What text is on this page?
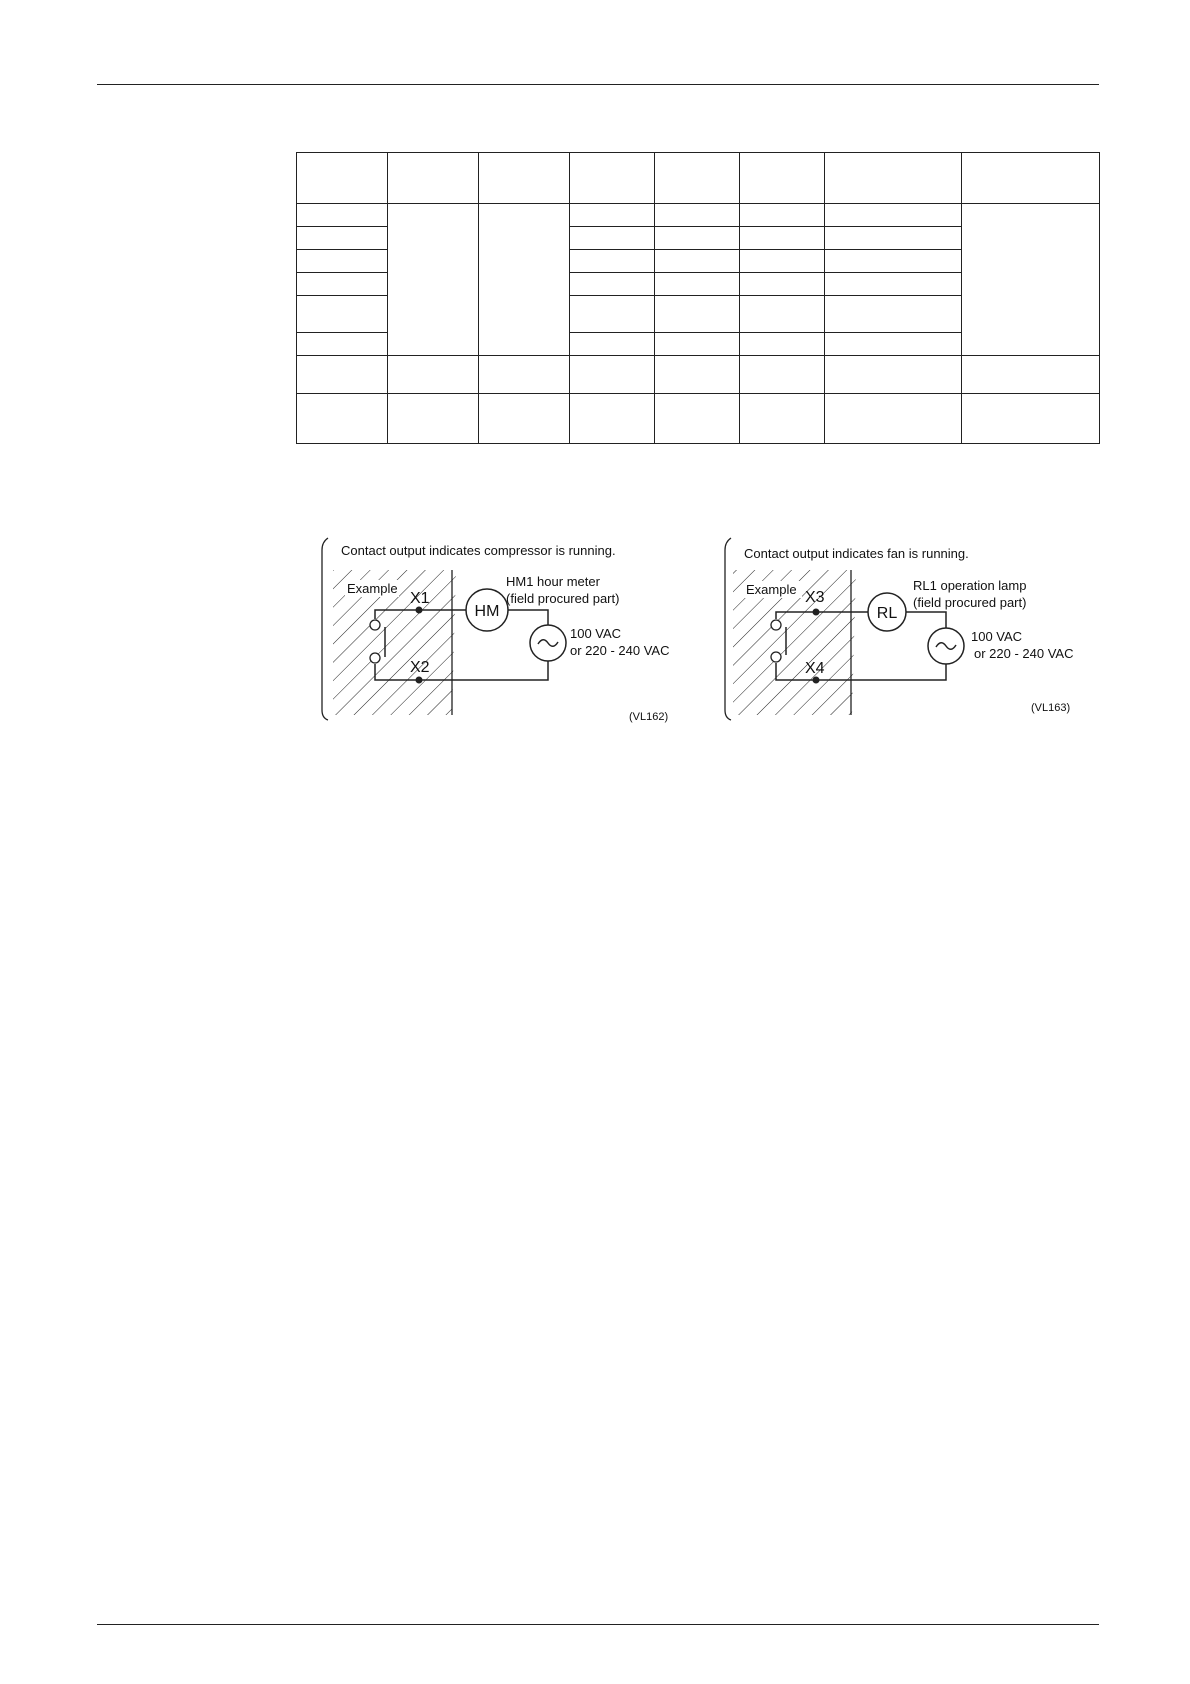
Contact output indicates compressor is running.
Example
X1
X2
HM1 hour meter
(field procured part)
HM
100 VAC
or 220 - 240 VAC
(VL162)
Contact output indicates fan is running.
Example X3
X4
RL1 operation lamp
(field procured part)
RL
100 VAC
or 220 - 240 VAC
(VL163)
